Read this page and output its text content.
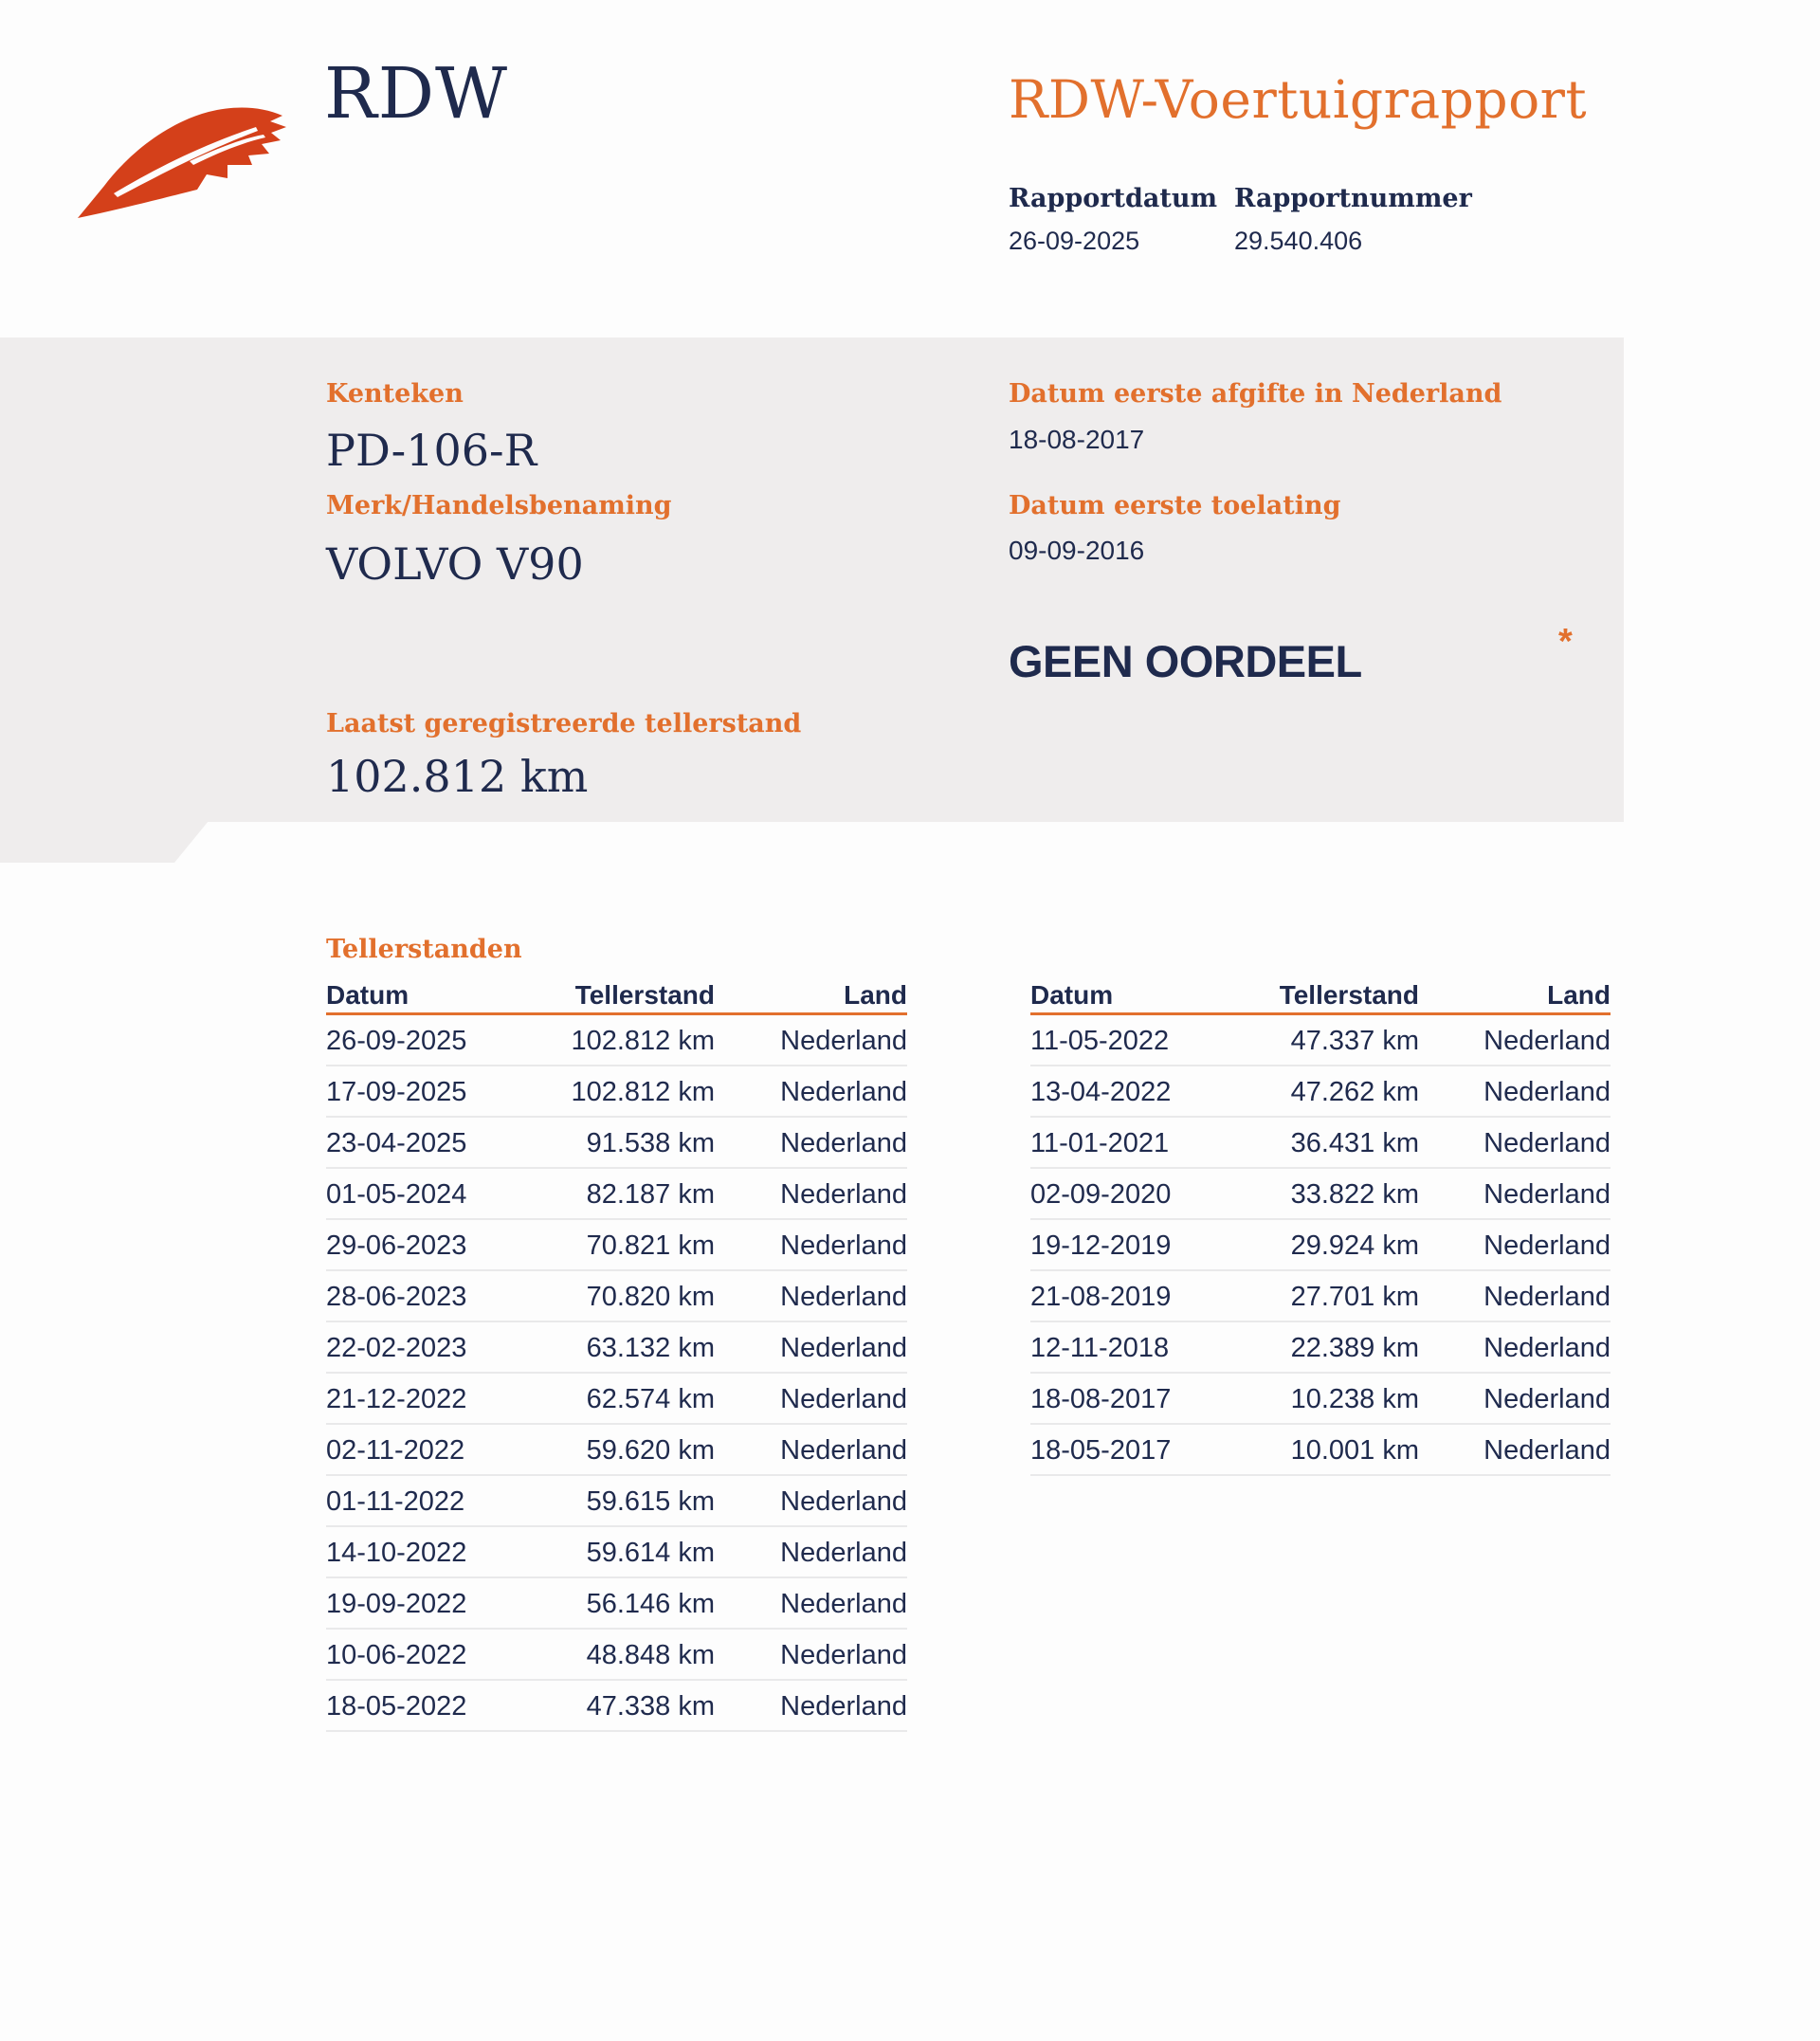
RDW	RDW-Voertuigrapport
Rapportdatum
26-09-2025
Rapportnummer
29.540.406
Kenteken
PD-106-R
Merk/Handelsbenaming
VOLVO V90
Datum eerste afgifte in Nederland
18-08-2017
Datum eerste toelating
09-09-2016
GEEN OORDEEL	*
Laatst geregistreerde tellerstand
102.812 km
Tellerstanden
Datum	Tellerstand	Land
26-09-2025	102.812 km	Nederland
17-09-2025	102.812 km	Nederland
23-04-2025	91.538 km	Nederland
01-05-2024	82.187 km	Nederland
29-06-2023	70.821 km	Nederland
28-06-2023	70.820 km	Nederland
22-02-2023	63.132 km	Nederland
21-12-2022	62.574 km	Nederland
02-11-2022	59.620 km	Nederland
01-11-2022	59.615 km	Nederland
14-10-2022	59.614 km	Nederland
19-09-2022	56.146 km	Nederland
10-06-2022	48.848 km	Nederland
18-05-2022	47.338 km	Nederland
Datum	Tellerstand	Land
11-05-2022	47.337 km	Nederland
13-04-2022	47.262 km	Nederland
11-01-2021	36.431 km	Nederland
02-09-2020	33.822 km	Nederland
19-12-2019	29.924 km	Nederland
21-08-2019	27.701 km	Nederland
12-11-2018	22.389 km	Nederland
18-08-2017	10.238 km	Nederland
18-05-2017	10.001 km	Nederland
